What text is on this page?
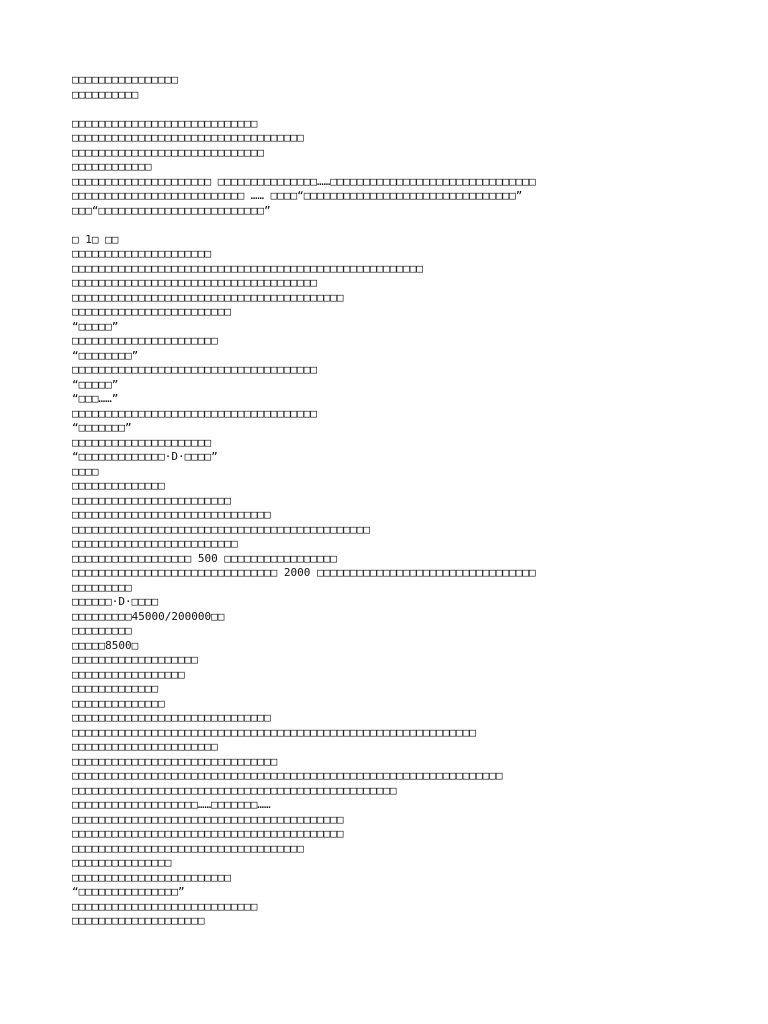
□□□□□□□□□□□□□□□□
□□□□□□□□□□
□□□□□□□□□□□□□□□□□□□□□□□□□□□□
□□□□□□□□□□□□□□□□□□□□□□□□□□□□□□□□□□□
□□□□□□□□□□□□□□□□□□□□□□□□□□□□□
□□□□□□□□□□□□
□□□□□□□□□□□□□□□□□□□□□ □□□□□□□□□□□□□□□……□□□□□□□□□□□□□□□□□□□□□□□□□□□□□□□
□□□□□□□□□□□□□□□□□□□□□□□□□□ …… □□□□“□□□□□□□□□□□□□□□□□□□□□□□□□□□□□□□□”
□□□“□□□□□□□□□□□□□□□□□□□□□□□□□”
□ 1□ □□
□□□□□□□□□□□□□□□□□□□□□
□□□□□□□□□□□□□□□□□□□□□□□□□□□□□□□□□□□□□□□□□□□□□□□□□□□□□
□□□□□□□□□□□□□□□□□□□□□□□□□□□□□□□□□□□□□
□□□□□□□□□□□□□□□□□□□□□□□□□□□□□□□□□□□□□□□□□
□□□□□□□□□□□□□□□□□□□□□□□□
“□□□□□”
□□□□□□□□□□□□□□□□□□□□□□
“□□□□□□□□”
□□□□□□□□□□□□□□□□□□□□□□□□□□□□□□□□□□□□□
“□□□□□”
“□□□……”
□□□□□□□□□□□□□□□□□□□□□□□□□□□□□□□□□□□□□
“□□□□□□□”
□□□□□□□□□□□□□□□□□□□□□
“□□□□□□□□□□□□□·D·□□□□”
□□□□
□□□□□□□□□□□□□□
□□□□□□□□□□□□□□□□□□□□□□□□
□□□□□□□□□□□□□□□□□□□□□□□□□□□□□□
□□□□□□□□□□□□□□□□□□□□□□□□□□□□□□□□□□□□□□□□□□□□□
□□□□□□□□□□□□□□□□□□□□□□□□□
□□□□□□□□□□□□□□□□□□ 500 □□□□□□□□□□□□□□□□□
□□□□□□□□□□□□□□□□□□□□□□□□□□□□□□□ 2000 □□□□□□□□□□□□□□□□□□□□□□□□□□□□□□□□□
□□□□□□□□□
□□□□□□·D·□□□□
□□□□□□□□□45000/200000□□
□□□□□□□□□
□□□□□8500□
□□□□□□□□□□□□□□□□□□□
□□□□□□□□□□□□□□□□□
□□□□□□□□□□□□□
□□□□□□□□□□□□□□
□□□□□□□□□□□□□□□□□□□□□□□□□□□□□□
□□□□□□□□□□□□□□□□□□□□□□□□□□□□□□□□□□□□□□□□□□□□□□□□□□□□□□□□□□□□□
□□□□□□□□□□□□□□□□□□□□□□
□□□□□□□□□□□□□□□□□□□□□□□□□□□□□□□
□□□□□□□□□□□□□□□□□□□□□□□□□□□□□□□□□□□□□□□□□□□□□□□□□□□□□□□□□□□□□□□□□
□□□□□□□□□□□□□□□□□□□□□□□□□□□□□□□□□□□□□□□□□□□□□□□□□
□□□□□□□□□□□□□□□□□□□……□□□□□□□……
□□□□□□□□□□□□□□□□□□□□□□□□□□□□□□□□□□□□□□□□□
□□□□□□□□□□□□□□□□□□□□□□□□□□□□□□□□□□□□□□□□□
□□□□□□□□□□□□□□□□□□□□□□□□□□□□□□□□□□□
□□□□□□□□□□□□□□□
□□□□□□□□□□□□□□□□□□□□□□□□
“□□□□□□□□□□□□□□□”
□□□□□□□□□□□□□□□□□□□□□□□□□□□□
□□□□□□□□□□□□□□□□□□□□
